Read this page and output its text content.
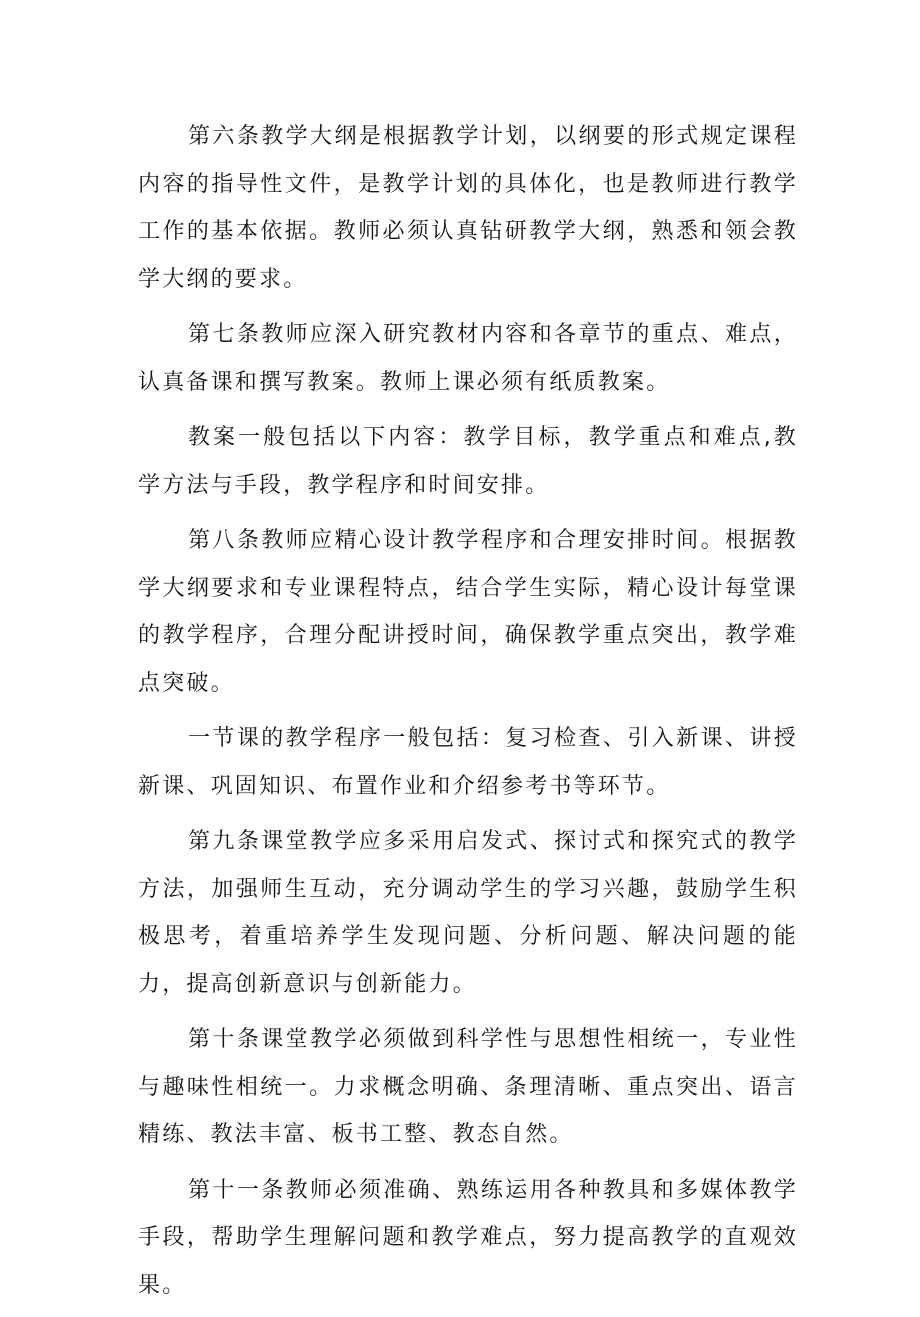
第六条教学大纲是根据教学计划，以纲要的形式规定课程内容的指导性文件，是教学计划的具体化，也是教师进行教学工作的基本依据。教师必须认真钻研教学大纲，熟悉和领会教学大纲的要求。

第七条教师应深入研究教材内容和各章节的重点、难点，认真备课和撰写教案。教师上课必须有纸质教案。

教案一般包括以下内容：教学目标，教学重点和难点,教学方法与手段，教学程序和时间安排。

第八条教师应精心设计教学程序和合理安排时间。根据教学大纲要求和专业课程特点，结合学生实际，精心设计每堂课的教学程序，合理分配讲授时间，确保教学重点突出，教学难点突破。

一节课的教学程序一般包括：复习检查、引入新课、讲授新课、巩固知识、布置作业和介绍参考书等环节。

第九条课堂教学应多采用启发式、探讨式和探究式的教学方法，加强师生互动，充分调动学生的学习兴趣，鼓励学生积极思考，着重培养学生发现问题、分析问题、解决问题的能力，提高创新意识与创新能力。

第十条课堂教学必须做到科学性与思想性相统一，专业性与趣味性相统一。力求概念明确、条理清晰、重点突出、语言精练、教法丰富、板书工整、教态自然。

第十一条教师必须准确、熟练运用各种教具和多媒体教学手段，帮助学生理解问题和教学难点，努力提高教学的直观效果。
